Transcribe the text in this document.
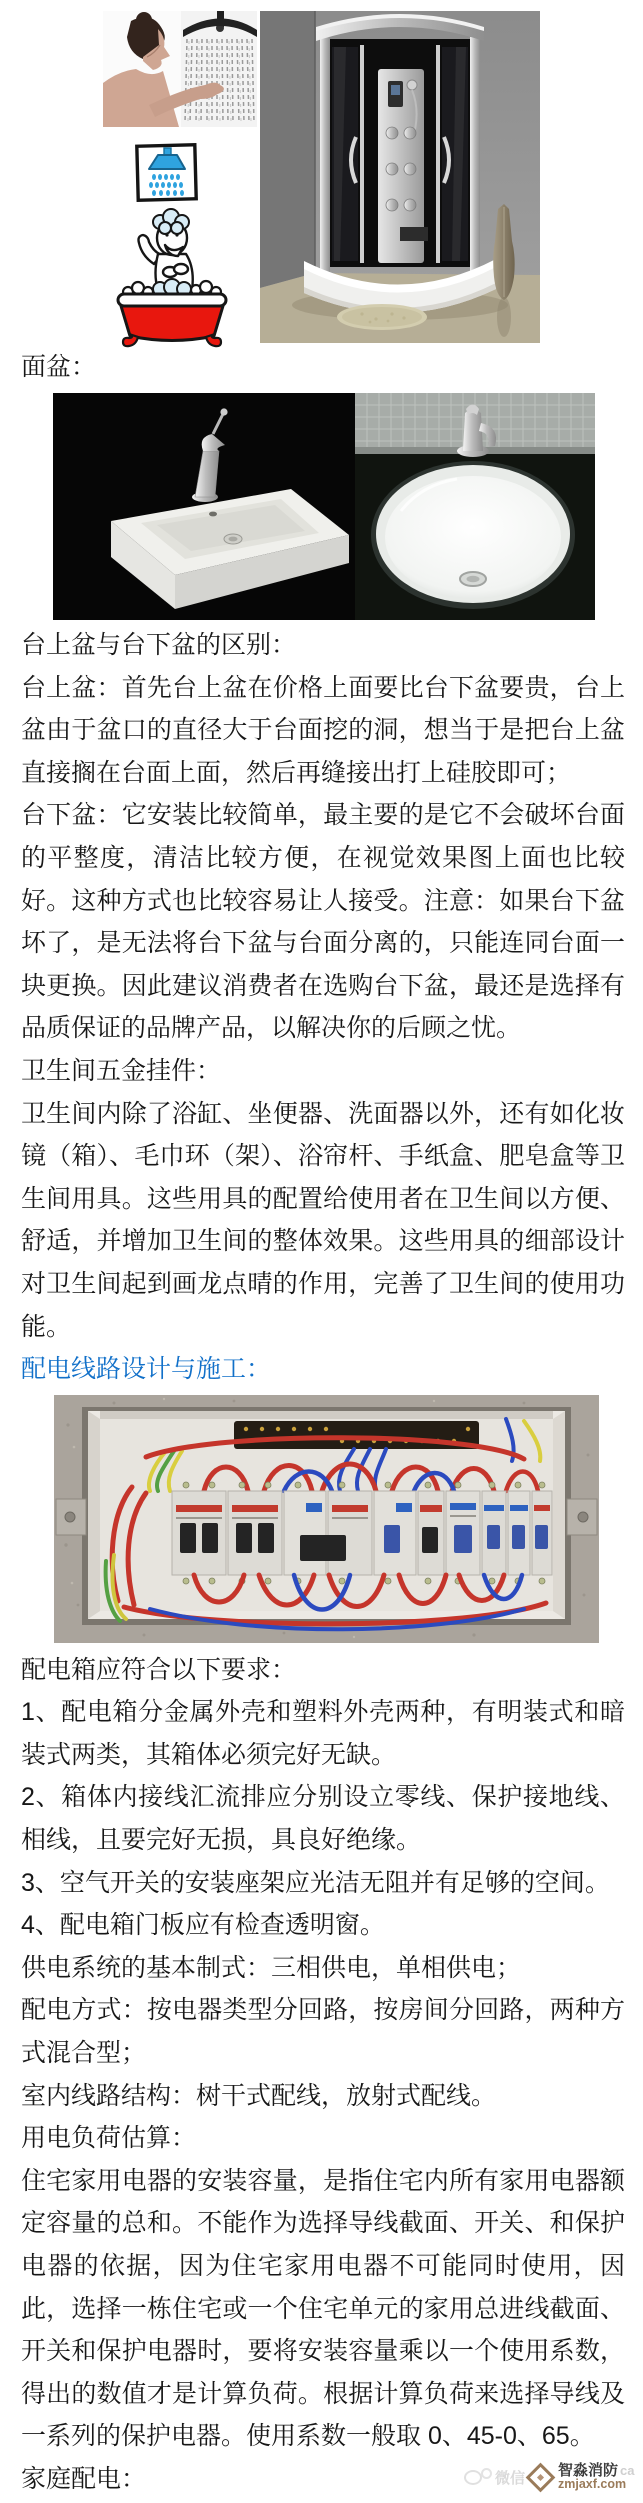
面盆：
台上盆与台下盆的区别：

台上盆：首先台上盆在价格上面要比台下盆要贵，台上盆由于盆口的直径大于台面挖的洞，想当于是把台上盆直接搁在台面上面，然后再缝接出打上硅胶即可；

台下盆：它安装比较简单，最主要的是它不会破坏台面的平整度，清洁比较方便，在视觉效果图上面也比较好。这种方式也比较容易让人接受。注意：如果台下盆坏了，是无法将台下盆与台面分离的，只能连同台面一块更换。因此建议消费者在选购台下盆，最还是选择有品质保证的品牌产品，以解决你的后顾之忧。

卫生间五金挂件：

卫生间内除了浴缸、坐便器、洗面器以外，还有如化妆镜（箱）、毛巾环（架）、浴帘杆、手纸盒、肥皂盒等卫生间用具。这些用具的配置给使用者在卫生间以方便、舒适，并增加卫生间的整体效果。这些用具的细部设计对卫生间起到画龙点晴的作用，完善了卫生间的使用功能。

配电线路设计与施工：
配电箱应符合以下要求：

1、配电箱分金属外壳和塑料外壳两种，有明装式和暗装式两类，其箱体必须完好无缺。

2、箱体内接线汇流排应分别设立零线、保护接地线、相线，且要完好无损，具良好绝缘。

3、空气开关的安装座架应光洁无阻并有足够的空间。

4、配电箱门板应有检查透明窗。

供电系统的基本制式：三相供电，单相供电；

配电方式：按电器类型分回路，按房间分回路，两种方式混合型；

室内线路结构：树干式配线，放射式配线。

用电负荷估算：

住宅家用电器的安装容量，是指住宅内所有家用电器额定容量的总和。不能作为选择导线截面、开关、和保护电器的依据，因为住宅家用电器不可能同时使用，因此，选择一栋住宅或一个住宅单元的家用总进线截面、开关和保护电器时，要将安装容量乘以一个使用系数，得出的数值才是计算负荷。根据计算负荷来选择导线及一系列的保护电器。使用系数一般取 0、45-0、65。

家庭配电：	微信 智淼消防 ca
zmjaxf.com
